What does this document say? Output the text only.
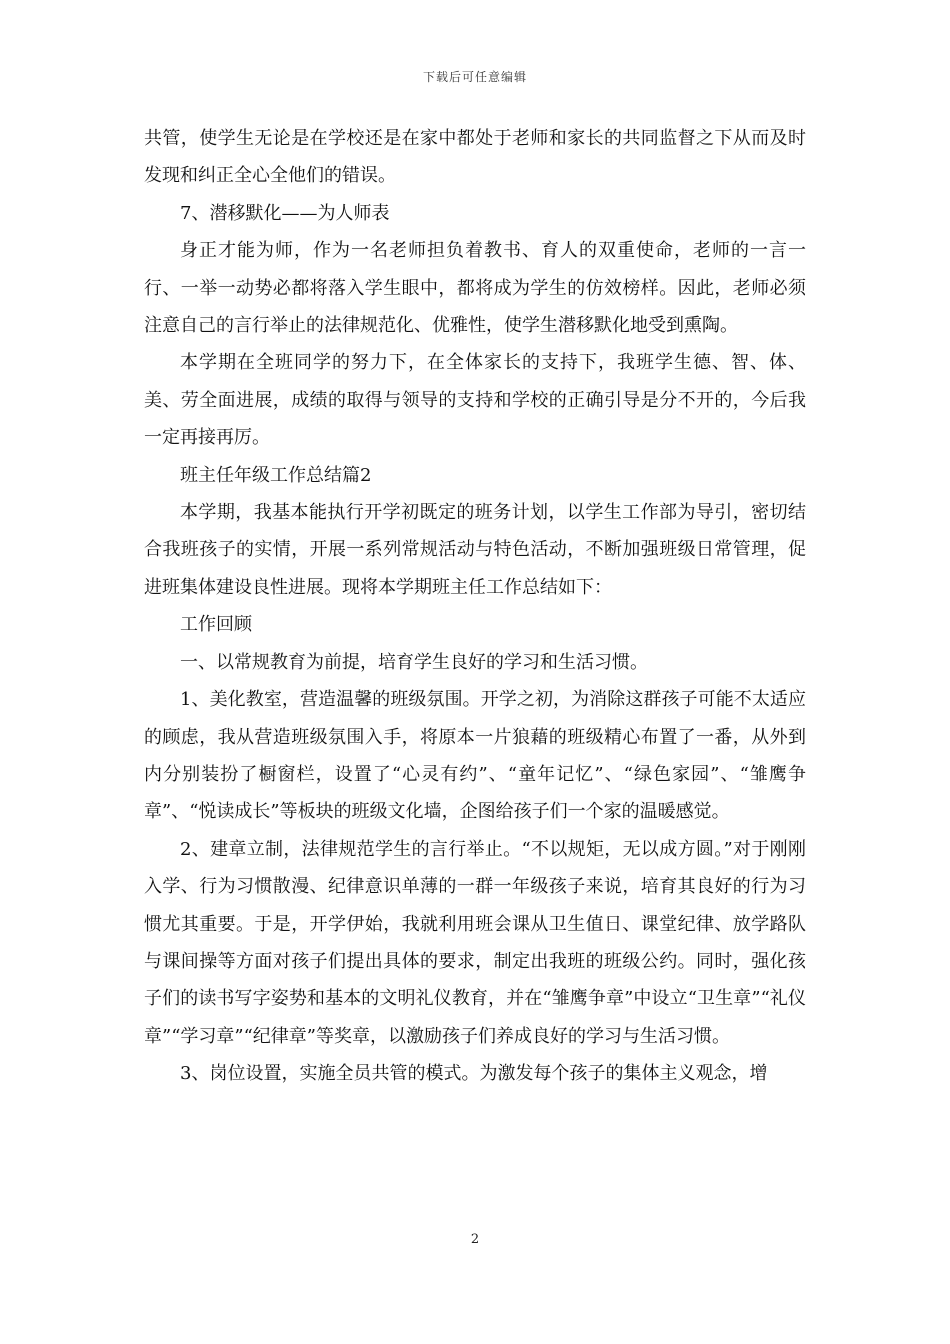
下载后可任意编辑

共管，使学生无论是在学校还是在家中都处于老师和家长的共同监督之下从而及时发现和纠正全心全他们的错误。

7、潜移默化——为人师表

身正才能为师，作为一名老师担负着教书、育人的双重使命，老师的一言一行、一举一动势必都将落入学生眼中，都将成为学生的仿效榜样。因此，老师必须注意自己的言行举止的法律规范化、优雅性，使学生潜移默化地受到熏陶。

本学期在全班同学的努力下，在全体家长的支持下，我班学生德、智、体、美、劳全面进展，成绩的取得与领导的支持和学校的正确引导是分不开的，今后我一定再接再厉。

班主任年级工作总结篇2

本学期，我基本能执行开学初既定的班务计划，以学生工作部为导引，密切结合我班孩子的实情，开展一系列常规活动与特色活动，不断加强班级日常管理，促进班集体建设良性进展。现将本学期班主任工作总结如下：

工作回顾

一、以常规教育为前提，培育学生良好的学习和生活习惯。

1、美化教室，营造温馨的班级氛围。开学之初，为消除这群孩子可能不太适应的顾虑，我从营造班级氛围入手，将原本一片狼藉的班级精心布置了一番，从外到内分别装扮了橱窗栏，设置了“心灵有约”、“童年记忆”、“绿色家园”、“雏鹰争章”、“悦读成长”等板块的班级文化墙，企图给孩子们一个家的温暖感觉。

2、建章立制，法律规范学生的言行举止。“不以规矩，无以成方圆。”对于刚刚入学、行为习惯散漫、纪律意识单薄的一群一年级孩子来说，培育其良好的行为习惯尤其重要。于是，开学伊始，我就利用班会课从卫生值日、课堂纪律、放学路队与课间操等方面对孩子们提出具体的要求，制定出我班的班级公约。同时，强化孩子们的读书写字姿势和基本的文明礼仪教育，并在“雏鹰争章”中设立“卫生章”“礼仪章”“学习章”“纪律章”等奖章，以激励孩子们养成良好的学习与生活习惯。

3、岗位设置，实施全员共管的模式。为激发每个孩子的集体主义观念，增

2
